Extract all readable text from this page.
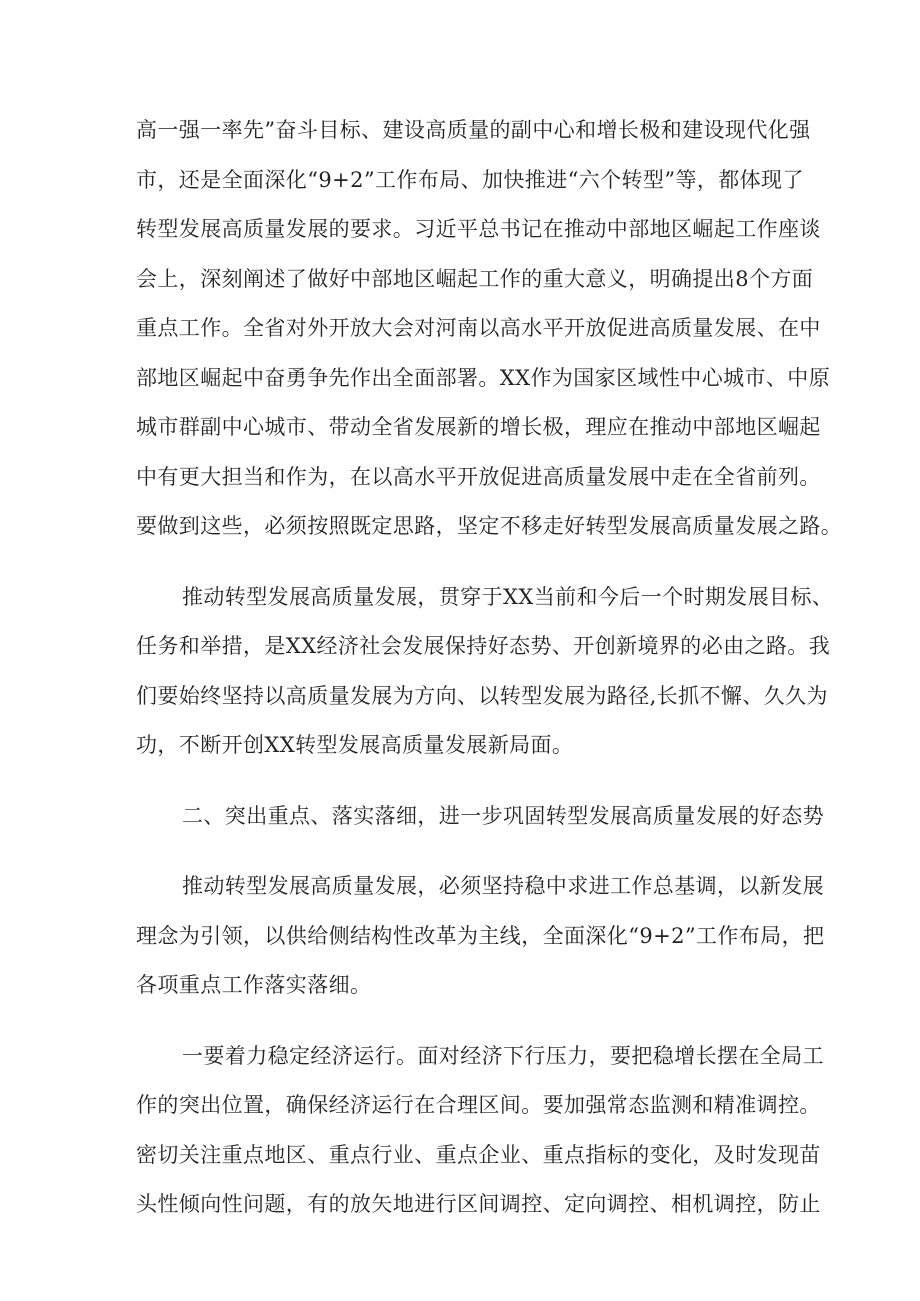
高一强一率先”奋斗目标、建设高质量的副中心和增长极和建设现代化强
市，还是全面深化“9+2”工作布局、加快推进“六个转型”等，都体现了
转型发展高质量发展的要求。习近平总书记在推动中部地区崛起工作座谈
会上，深刻阐述了做好中部地区崛起工作的重大意义，明确提出8个方面
重点工作。全省对外开放大会对河南以高水平开放促进高质量发展、在中
部地区崛起中奋勇争先作出全面部署。XX作为国家区域性中心城市、中原
城市群副中心城市、带动全省发展新的增长极，理应在推动中部地区崛起
中有更大担当和作为，在以高水平开放促进高质量发展中走在全省前列。
要做到这些，必须按照既定思路，坚定不移走好转型发展高质量发展之路。
推动转型发展高质量发展，贯穿于XX当前和今后一个时期发展目标、
任务和举措，是XX经济社会发展保持好态势、开创新境界的必由之路。我
们要始终坚持以高质量发展为方向、以转型发展为路径,长抓不懈、久久为
功，不断开创XX转型发展高质量发展新局面。
二、突出重点、落实落细，进一步巩固转型发展高质量发展的好态势
推动转型发展高质量发展，必须坚持稳中求进工作总基调，以新发展
理念为引领，以供给侧结构性改革为主线，全面深化“9+2”工作布局，把
各项重点工作落实落细。
一要着力稳定经济运行。面对经济下行压力，要把稳增长摆在全局工
作的突出位置，确保经济运行在合理区间。要加强常态监测和精准调控。
密切关注重点地区、重点行业、重点企业、重点指标的变化，及时发现苗
头性倾向性问题，有的放矢地进行区间调控、定向调控、相机调控，防止
